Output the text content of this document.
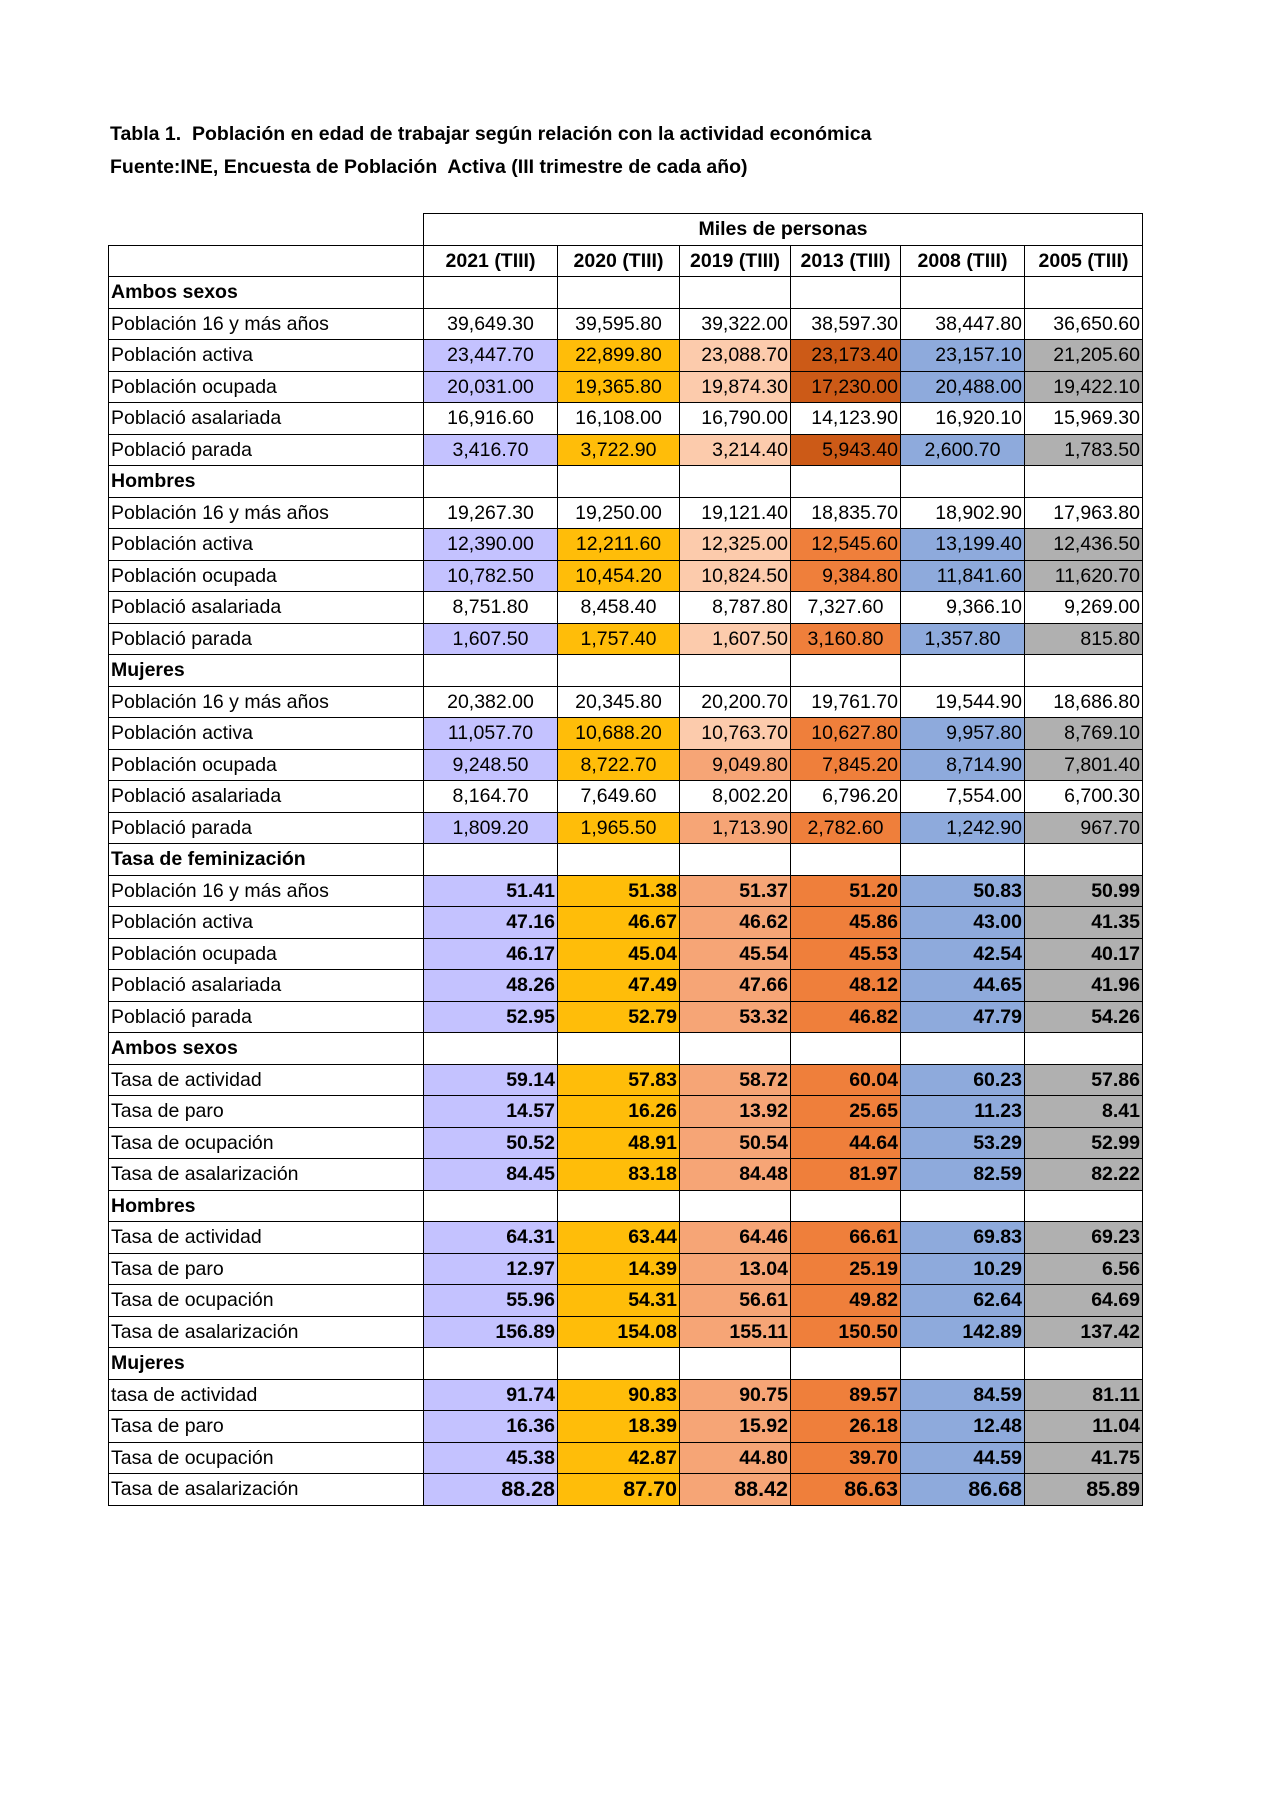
Tabla 1.  Población en edad de trabajar según relación con la actividad económica
Fuente:INE, Encuesta de Población  Activa (III trimestre de cada año)
	Miles de personas					
	2021 (TIII)	2020 (TIII)	2019 (TIII)	2013 (TIII)	2008 (TIII)	2005 (TIII)
Ambos sexos						
Población 16 y más años	39,649.30	39,595.80	39,322.00	38,597.30	38,447.80	36,650.60
Población activa	23,447.70	22,899.80	23,088.70	23,173.40	23,157.10	21,205.60
Población ocupada	20,031.00	19,365.80	19,874.30	17,230.00	20,488.00	19,422.10
Població asalariada	16,916.60	16,108.00	16,790.00	14,123.90	16,920.10	15,969.30
Població parada	3,416.70	3,722.90	3,214.40	5,943.40	2,600.70	1,783.50
Hombres						
Población 16 y más años	19,267.30	19,250.00	19,121.40	18,835.70	18,902.90	17,963.80
Población activa	12,390.00	12,211.60	12,325.00	12,545.60	13,199.40	12,436.50
Población ocupada	10,782.50	10,454.20	10,824.50	9,384.80	11,841.60	11,620.70
Població asalariada	8,751.80	8,458.40	8,787.80	7,327.60	9,366.10	9,269.00
Població parada	1,607.50	1,757.40	1,607.50	3,160.80	1,357.80	815.80
Mujeres						
Población 16 y más años	20,382.00	20,345.80	20,200.70	19,761.70	19,544.90	18,686.80
Población activa	11,057.70	10,688.20	10,763.70	10,627.80	9,957.80	8,769.10
Población ocupada	9,248.50	8,722.70	9,049.80	7,845.20	8,714.90	7,801.40
Població asalariada	8,164.70	7,649.60	8,002.20	6,796.20	7,554.00	6,700.30
Població parada	1,809.20	1,965.50	1,713.90	2,782.60	1,242.90	967.70
Tasa de feminización						
Población 16 y más años	51.41	51.38	51.37	51.20	50.83	50.99
Población activa	47.16	46.67	46.62	45.86	43.00	41.35
Población ocupada	46.17	45.04	45.54	45.53	42.54	40.17
Població asalariada	48.26	47.49	47.66	48.12	44.65	41.96
Població parada	52.95	52.79	53.32	46.82	47.79	54.26
Ambos sexos						
Tasa de actividad	59.14	57.83	58.72	60.04	60.23	57.86
Tasa de paro	14.57	16.26	13.92	25.65	11.23	8.41
Tasa de ocupación	50.52	48.91	50.54	44.64	53.29	52.99
Tasa de asalarización	84.45	83.18	84.48	81.97	82.59	82.22
Hombres						
Tasa de actividad	64.31	63.44	64.46	66.61	69.83	69.23
Tasa de paro	12.97	14.39	13.04	25.19	10.29	6.56
Tasa de ocupación	55.96	54.31	56.61	49.82	62.64	64.69
Tasa de asalarización	156.89	154.08	155.11	150.50	142.89	137.42
Mujeres						
tasa de actividad	91.74	90.83	90.75	89.57	84.59	81.11
Tasa de paro	16.36	18.39	15.92	26.18	12.48	11.04
Tasa de ocupación	45.38	42.87	44.80	39.70	44.59	41.75
Tasa de asalarización	88.28	87.70	88.42	86.63	86.68	85.89
